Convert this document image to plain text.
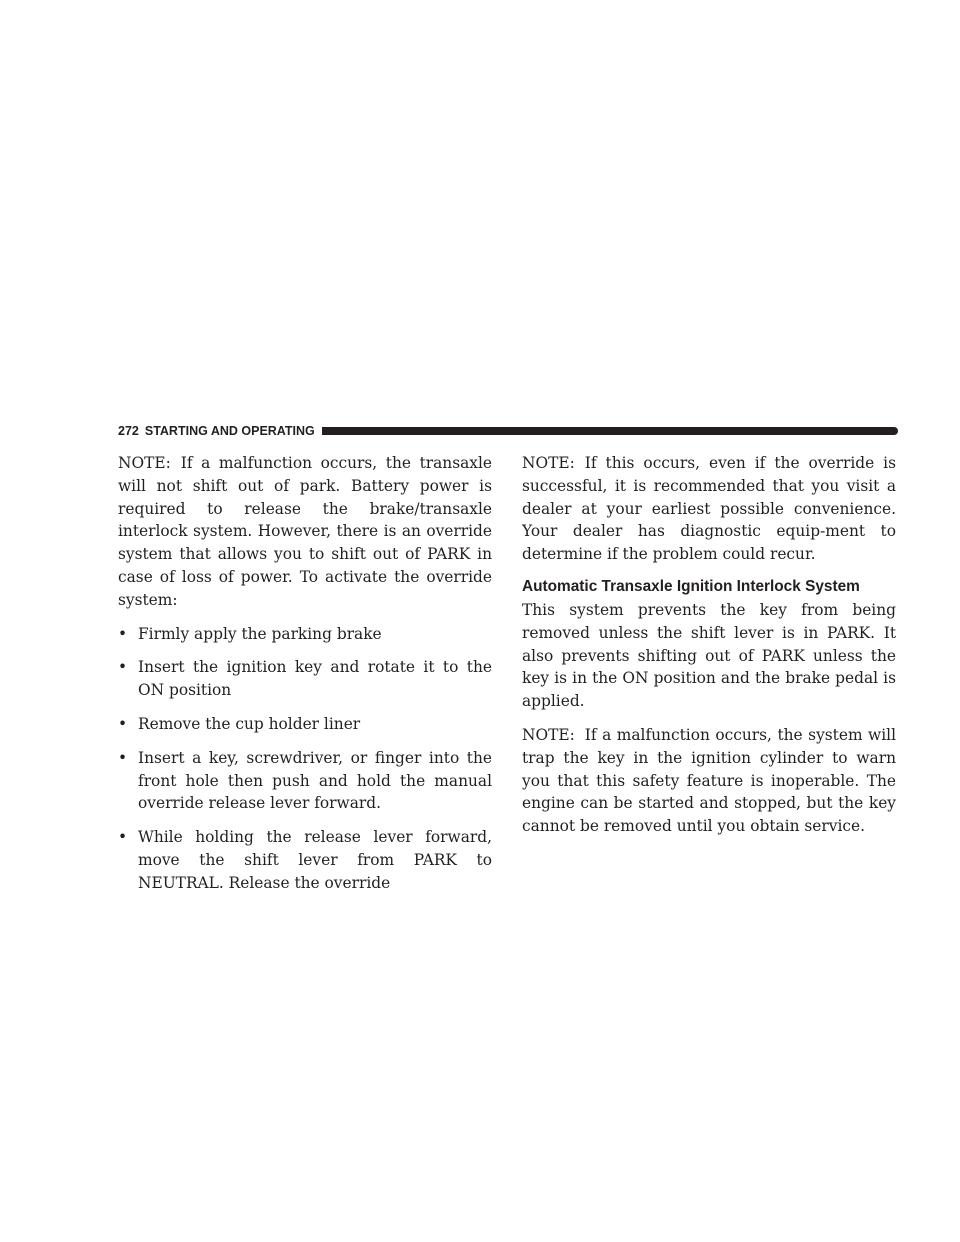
272 STARTING AND OPERATING

NOTE: If a malfunction occurs, the transaxle will not shift out of park. Battery power is required to release the brake/transaxle interlock system. However, there is an override system that allows you to shift out of PARK in case of loss of power. To activate the override system:

• Firmly apply the parking brake
• Insert the ignition key and rotate it to the ON position
• Remove the cup holder liner
• Insert a key, screwdriver, or finger into the front hole then push and hold the manual override release lever forward.
• While holding the release lever forward, move the shift lever from PARK to NEUTRAL. Release the override

NOTE: If this occurs, even if the override is successful, it is recommended that you visit a dealer at your earliest possible convenience. Your dealer has diagnostic equip-ment to determine if the problem could recur.

Automatic Transaxle Ignition Interlock System

This system prevents the key from being removed unless the shift lever is in PARK. It also prevents shifting out of PARK unless the key is in the ON position and the brake pedal is applied.

NOTE: If a malfunction occurs, the system will trap the key in the ignition cylinder to warn you that this safety feature is inoperable. The engine can be started and stopped, but the key cannot be removed until you obtain service.
